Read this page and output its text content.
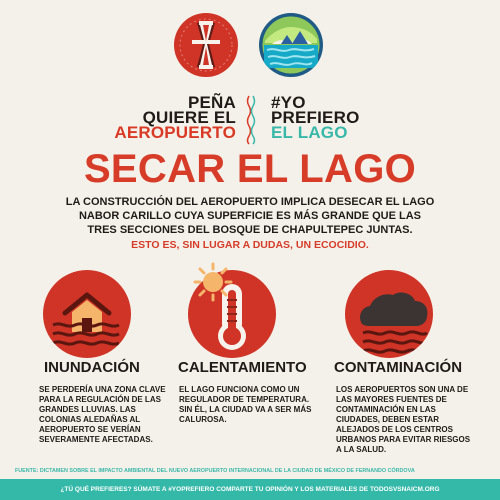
PEÑA
QUIERE EL
AEROPUERTO
#YO
PREFIERO
EL LAGO
SECAR EL LAGO
LA CONSTRUCCIÓN DEL AEROPUERTO IMPLICA DESECAR EL LAGO
NABOR CARILLO CUYA SUPERFICIE ES MÁS GRANDE QUE LAS
TRES SECCIONES DEL BOSQUE DE CHAPULTEPEC JUNTAS.
ESTO ES, SIN LUGAR A DUDAS, UN ECOCIDIO.
INUNDACIÓN	CALENTAMIENTO CONTAMINACIÓN
SE PERDERÍA UNA ZONA CLAVE
PARA LA REGULACIÓN DE LAS
GRANDES LLUVIAS. LAS
COLONIAS ALEDAÑAS AL
AEROPUERTO SE VERÍAN
SEVERAMENTE AFECTADAS.
EL LAGO FUNCIONA COMO UN
REGULADOR DE TEMPERATURA.
SIN ÉL, LA CIUDAD VA A SER MÁS
CALUROSA.
LOS AEROPUERTOS SON UNA DE
LAS MAYORES FUENTES DE
CONTAMINACIÓN EN LAS
CIUDADES, DEBEN ESTAR
ALEJADOS DE LOS CENTROS
URBANOS PARA EVITAR RIESGOS
A LA SALUD.
FUENTE: DICTAMEN SOBRE EL IMPACTO AMBIENTAL DEL NUEVO AEROPUERTO INTERNACIONAL DE LA CIUDAD DE MÉXICO DE FERNANDO CÓRDOVA
¿TÚ QUÉ PREFIERES? SÚMATE A #YOPREFIERO COMPARTE TU OPINIÓN Y LOS MATERIALES DE TODOSVSNAICM.ORG
